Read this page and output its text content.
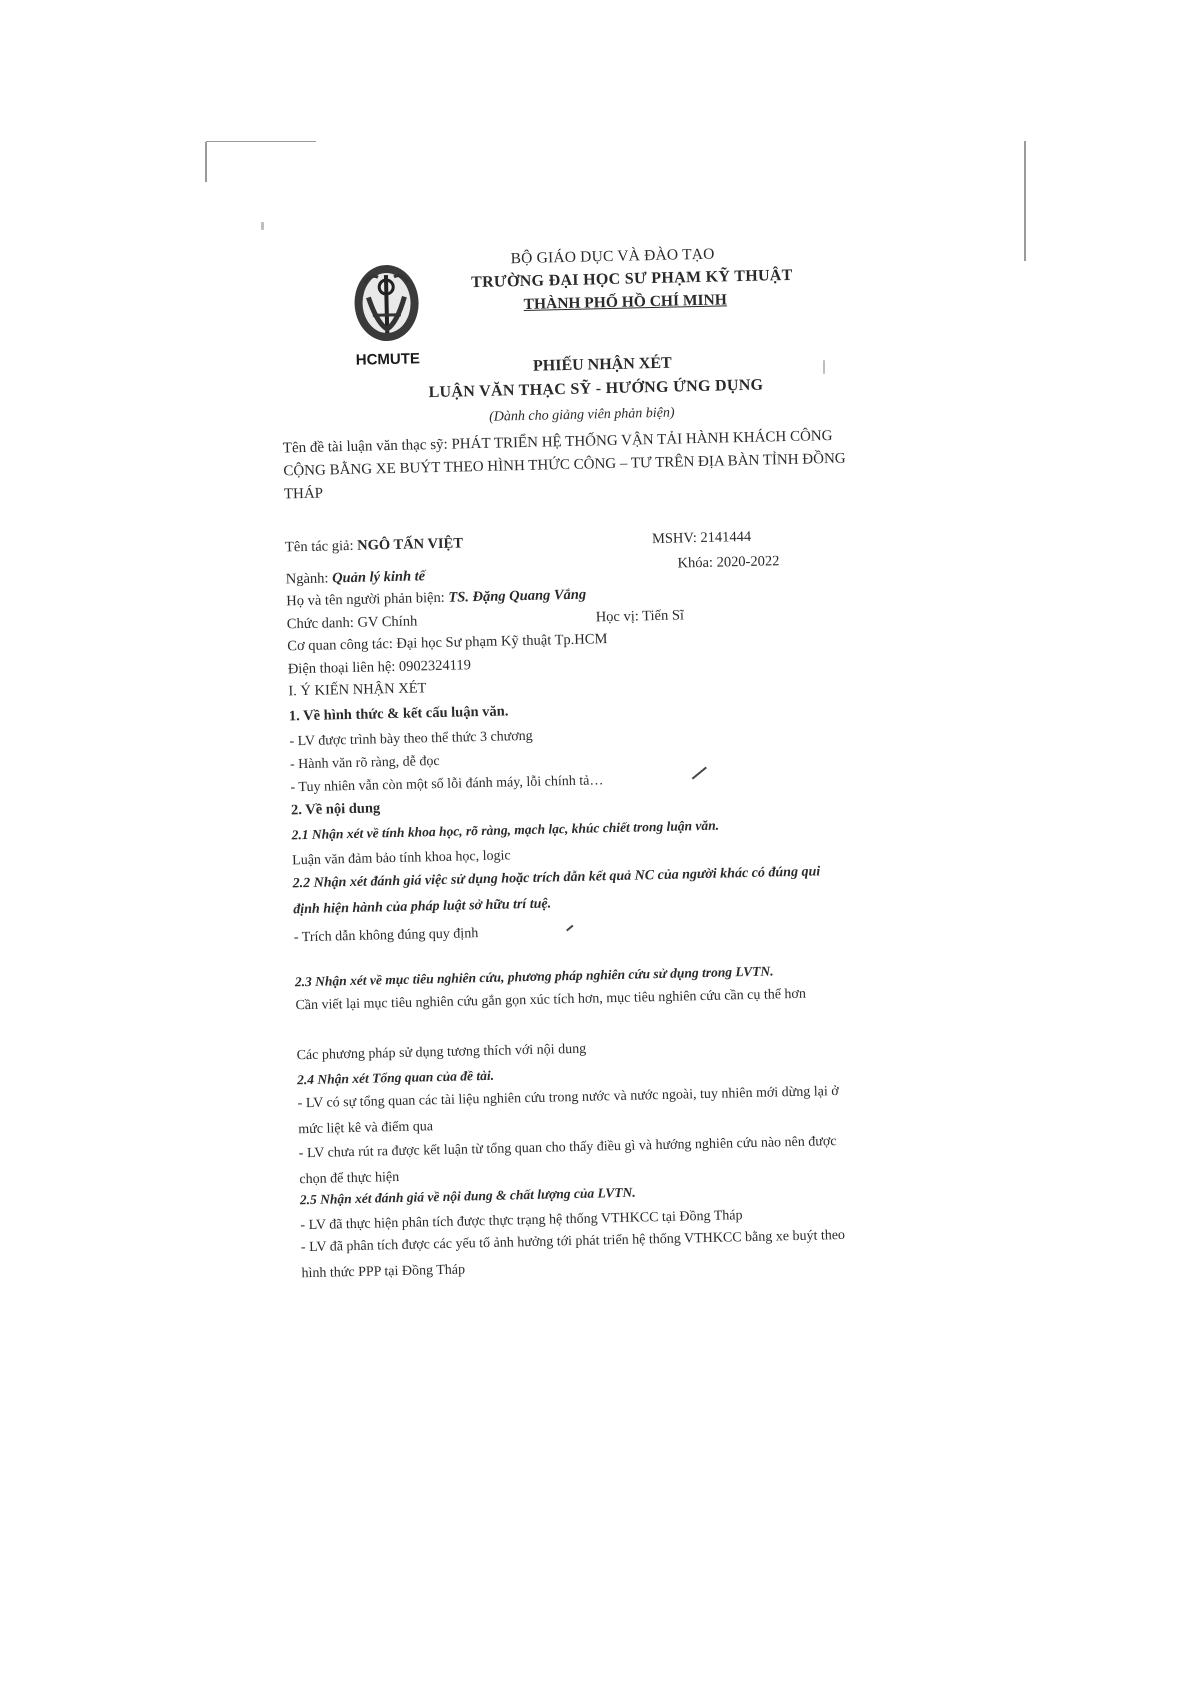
HCMUTE
BỘ GIÁO DỤC VÀ ĐÀO TẠO
TRƯỜNG ĐẠI HỌC SƯ PHẠM KỸ THUẬT
THÀNH PHỐ HỒ CHÍ MINH
PHIẾU NHẬN XÉT
LUẬN VĂN THẠC SỸ - HƯỚNG ỨNG DỤNG
(Dành cho giảng viên phản biện)
Tên đề tài luận văn thạc sỹ: PHÁT TRIỂN HỆ THỐNG VẬN TẢI HÀNH KHÁCH CÔNG CỘNG BẰNG XE BUÝT THEO HÌNH THỨC CÔNG – TƯ TRÊN ĐỊA BÀN TỈNH ĐỒNG THÁP
Tên tác giả: NGÔ TẤN VIỆT	MSHV: 2141444
Ngành: Quản lý kinh tế
Khóa: 2020-2022
Họ và tên người phản biện: TS. Đặng Quang Vắng
Chức danh: GV Chính	Học vị: Tiến Sĩ
Cơ quan công tác: Đại học Sư phạm Kỹ thuật Tp.HCM
Điện thoại liên hệ: 0902324119
I. Ý KIẾN NHẬN XÉT
1. Về hình thức & kết cấu luận văn.
- LV được trình bày theo thể thức 3 chương
- Hành văn rõ ràng, dễ đọc
- Tuy nhiên vẫn còn một số lỗi đánh máy, lỗi chính tả…
2. Về nội dung
2.1 Nhận xét về tính khoa học, rõ ràng, mạch lạc, khúc chiết trong luận văn.
Luận văn đảm bảo tính khoa học, logic
2.2 Nhận xét đánh giá việc sử dụng hoặc trích dẫn kết quả NC của người khác có đúng qui định hiện hành của pháp luật sở hữu trí tuệ.
- Trích dẫn không đúng quy định
2.3 Nhận xét về mục tiêu nghiên cứu, phương pháp nghiên cứu sử dụng trong LVTN.
Cần viết lại mục tiêu nghiên cứu gắn gọn xúc tích hơn, mục tiêu nghiên cứu cần cụ thể hơn
Các phương pháp sử dụng tương thích với nội dung
2.4 Nhận xét Tổng quan của đề tài.
- LV có sự tổng quan các tài liệu nghiên cứu trong nước và nước ngoài, tuy nhiên mới dừng lại ở mức liệt kê và điểm qua
- LV chưa rút ra được kết luận từ tổng quan cho thấy điều gì và hướng nghiên cứu nào nên được chọn để thực hiện
2.5 Nhận xét đánh giá về nội dung & chất lượng của LVTN.
- LV đã thực hiện phân tích được thực trạng hệ thống VTHKCC tại Đồng Tháp
- LV đã phân tích được các yếu tố ảnh hưởng tới phát triển hệ thống VTHKCC bằng xe buýt theo hình thức PPP tại Đồng Tháp
